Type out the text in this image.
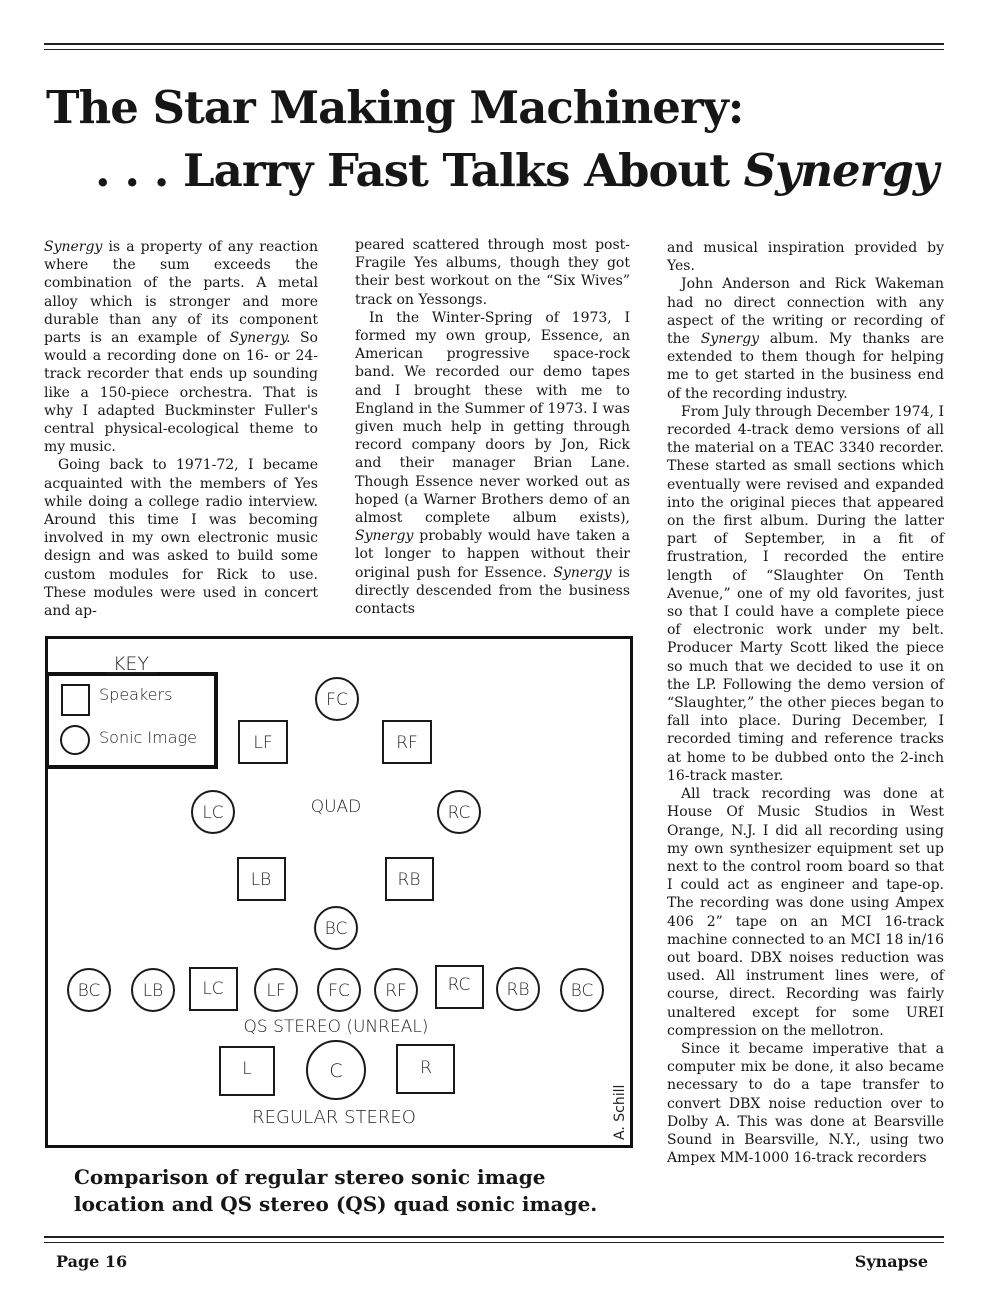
The Star Making Machinery:
. . . Larry Fast Talks About Synergy

Synergy is a property of any reaction where the sum exceeds the combination of the parts. A metal alloy which is stronger and more durable than any of its component parts is an example of Synergy. So would a recording done on 16- or 24-track recorder that ends up sounding like a 150-piece orchestra. That is why I adapted Buckminster Fuller's central physical-ecological theme to my music.

Going back to 1971-72, I became acquainted with the members of Yes while doing a college radio interview. Around this time I was becoming involved in my own electronic music design and was asked to build some custom modules for Rick to use. These modules were used in concert and ap-

peared scattered through most post-Fragile Yes albums, though they got their best workout on the “Six Wives” track on Yessongs.

In the Winter-Spring of 1973, I formed my own group, Essence, an American progressive space-rock band. We recorded our demo tapes and I brought these with me to England in the Summer of 1973. I was given much help in getting through record company doors by Jon, Rick and their manager Brian Lane. Though Essence never worked out as hoped (a Warner Brothers demo of an almost complete album exists), Synergy probably would have taken a lot longer to happen without their original push for Essence. Synergy is directly descended from the business contacts

and musical inspiration provided by Yes.

John Anderson and Rick Wakeman had no direct connection with any aspect of the writing or recording of the Synergy album. My thanks are extended to them though for helping me to get started in the business end of the recording industry.

From July through December 1974, I recorded 4-track demo versions of all the material on a TEAC 3340 recorder. These started as small sections which eventually were revised and expanded into the original pieces that appeared on the first album. During the latter part of September, in a fit of frustration, I recorded the entire length of “Slaughter On Tenth Avenue,” one of my old favorites, just so that I could have a complete piece of electronic work under my belt. Producer Marty Scott liked the piece so much that we decided to use it on the LP. Following the demo version of “Slaughter,” the other pieces began to fall into place. During December, I recorded timing and reference tracks at home to be dubbed onto the 2-inch 16-track master.

All track recording was done at House Of Music Studios in West Orange, N.J. I did all recording using my own synthesizer equipment set up next to the control room board so that I could act as engineer and tape-op. The recording was done using Ampex 406 2” tape on an MCI 16-track machine connected to an MCI 18 in/16 out board. DBX noises reduction was used. All instrument lines were, of course, direct. Recording was fairly unaltered except for some UREI compression on the mellotron.

Since it became imperative that a computer mix be done, it also became necessary to do a tape transfer to convert DBX noise reduction over to Dolby A. This was done at Bearsville Sound in Bearsville, N.Y., using two Ampex MM-1000 16-track recorders

KEY
Speakers
Sonic Image
FC
LF	RF
LC	RC
QUAD
LB	RB
BC
BC LB LC	LF	FC RF RC RB BC
QS STEREO (UNREAL)
L	C	R
REGULAR STEREO	A. Schill

Comparison of regular stereo sonic image location and QS stereo (QS) quad sonic image.

Page 16	Synapse
